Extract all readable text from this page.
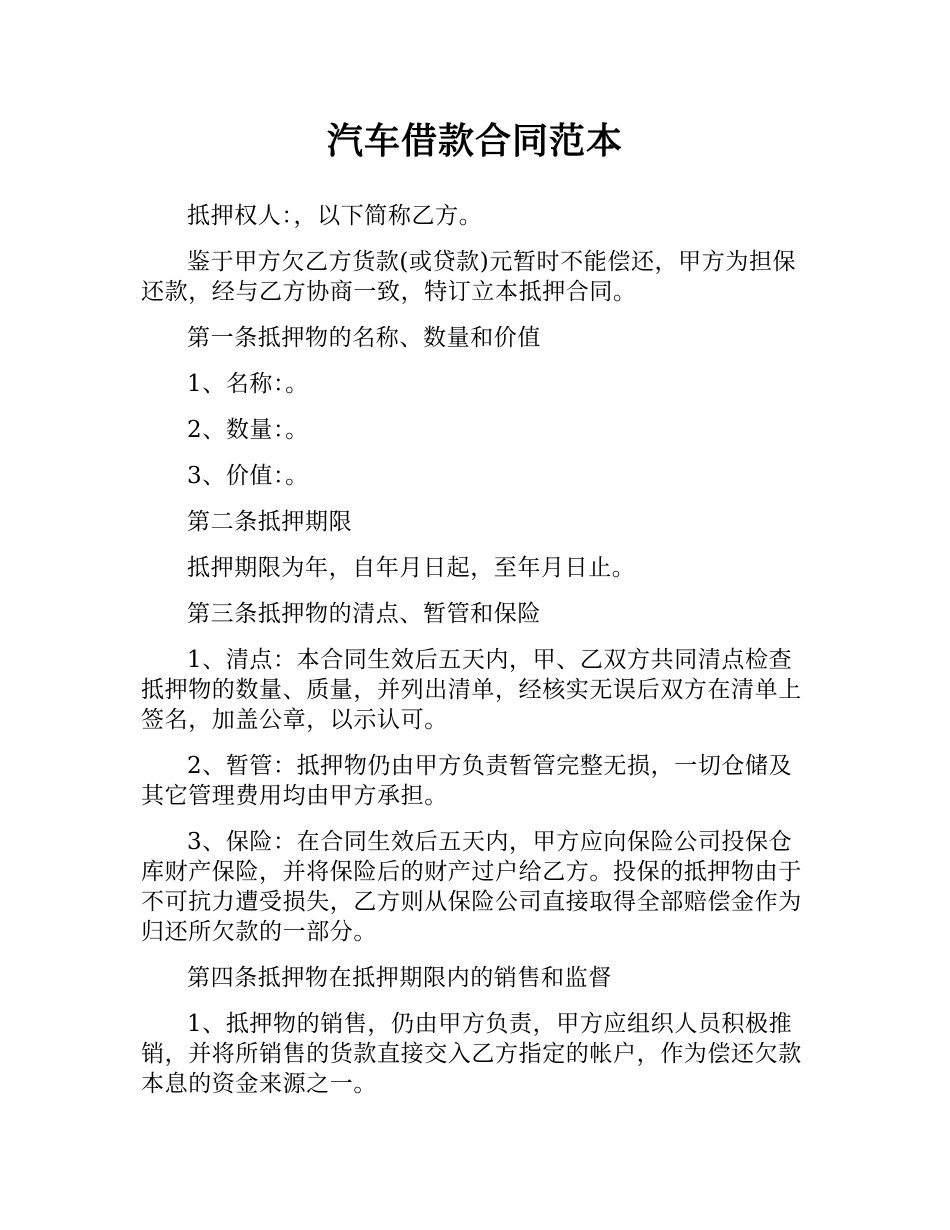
汽车借款合同范本

抵押权人：，以下简称乙方。

鉴于甲方欠乙方货款(或贷款)元暂时不能偿还，甲方为担保还款，经与乙方协商一致，特订立本抵押合同。

第一条抵押物的名称、数量和价值

1、名称：。

2、数量：。

3、价值：。

第二条抵押期限

抵押期限为年，自年月日起，至年月日止。

第三条抵押物的清点、暂管和保险

1、清点：本合同生效后五天内，甲、乙双方共同清点检查抵押物的数量、质量，并列出清单，经核实无误后双方在清单上签名，加盖公章，以示认可。

2、暂管：抵押物仍由甲方负责暂管完整无损，一切仓储及其它管理费用均由甲方承担。

3、保险：在合同生效后五天内，甲方应向保险公司投保仓库财产保险，并将保险后的财产过户给乙方。投保的抵押物由于不可抗力遭受损失，乙方则从保险公司直接取得全部赔偿金作为归还所欠款的一部分。

第四条抵押物在抵押期限内的销售和监督

1、抵押物的销售，仍由甲方负责，甲方应组织人员积极推销，并将所销售的货款直接交入乙方指定的帐户，作为偿还欠款本息的资金来源之一。
